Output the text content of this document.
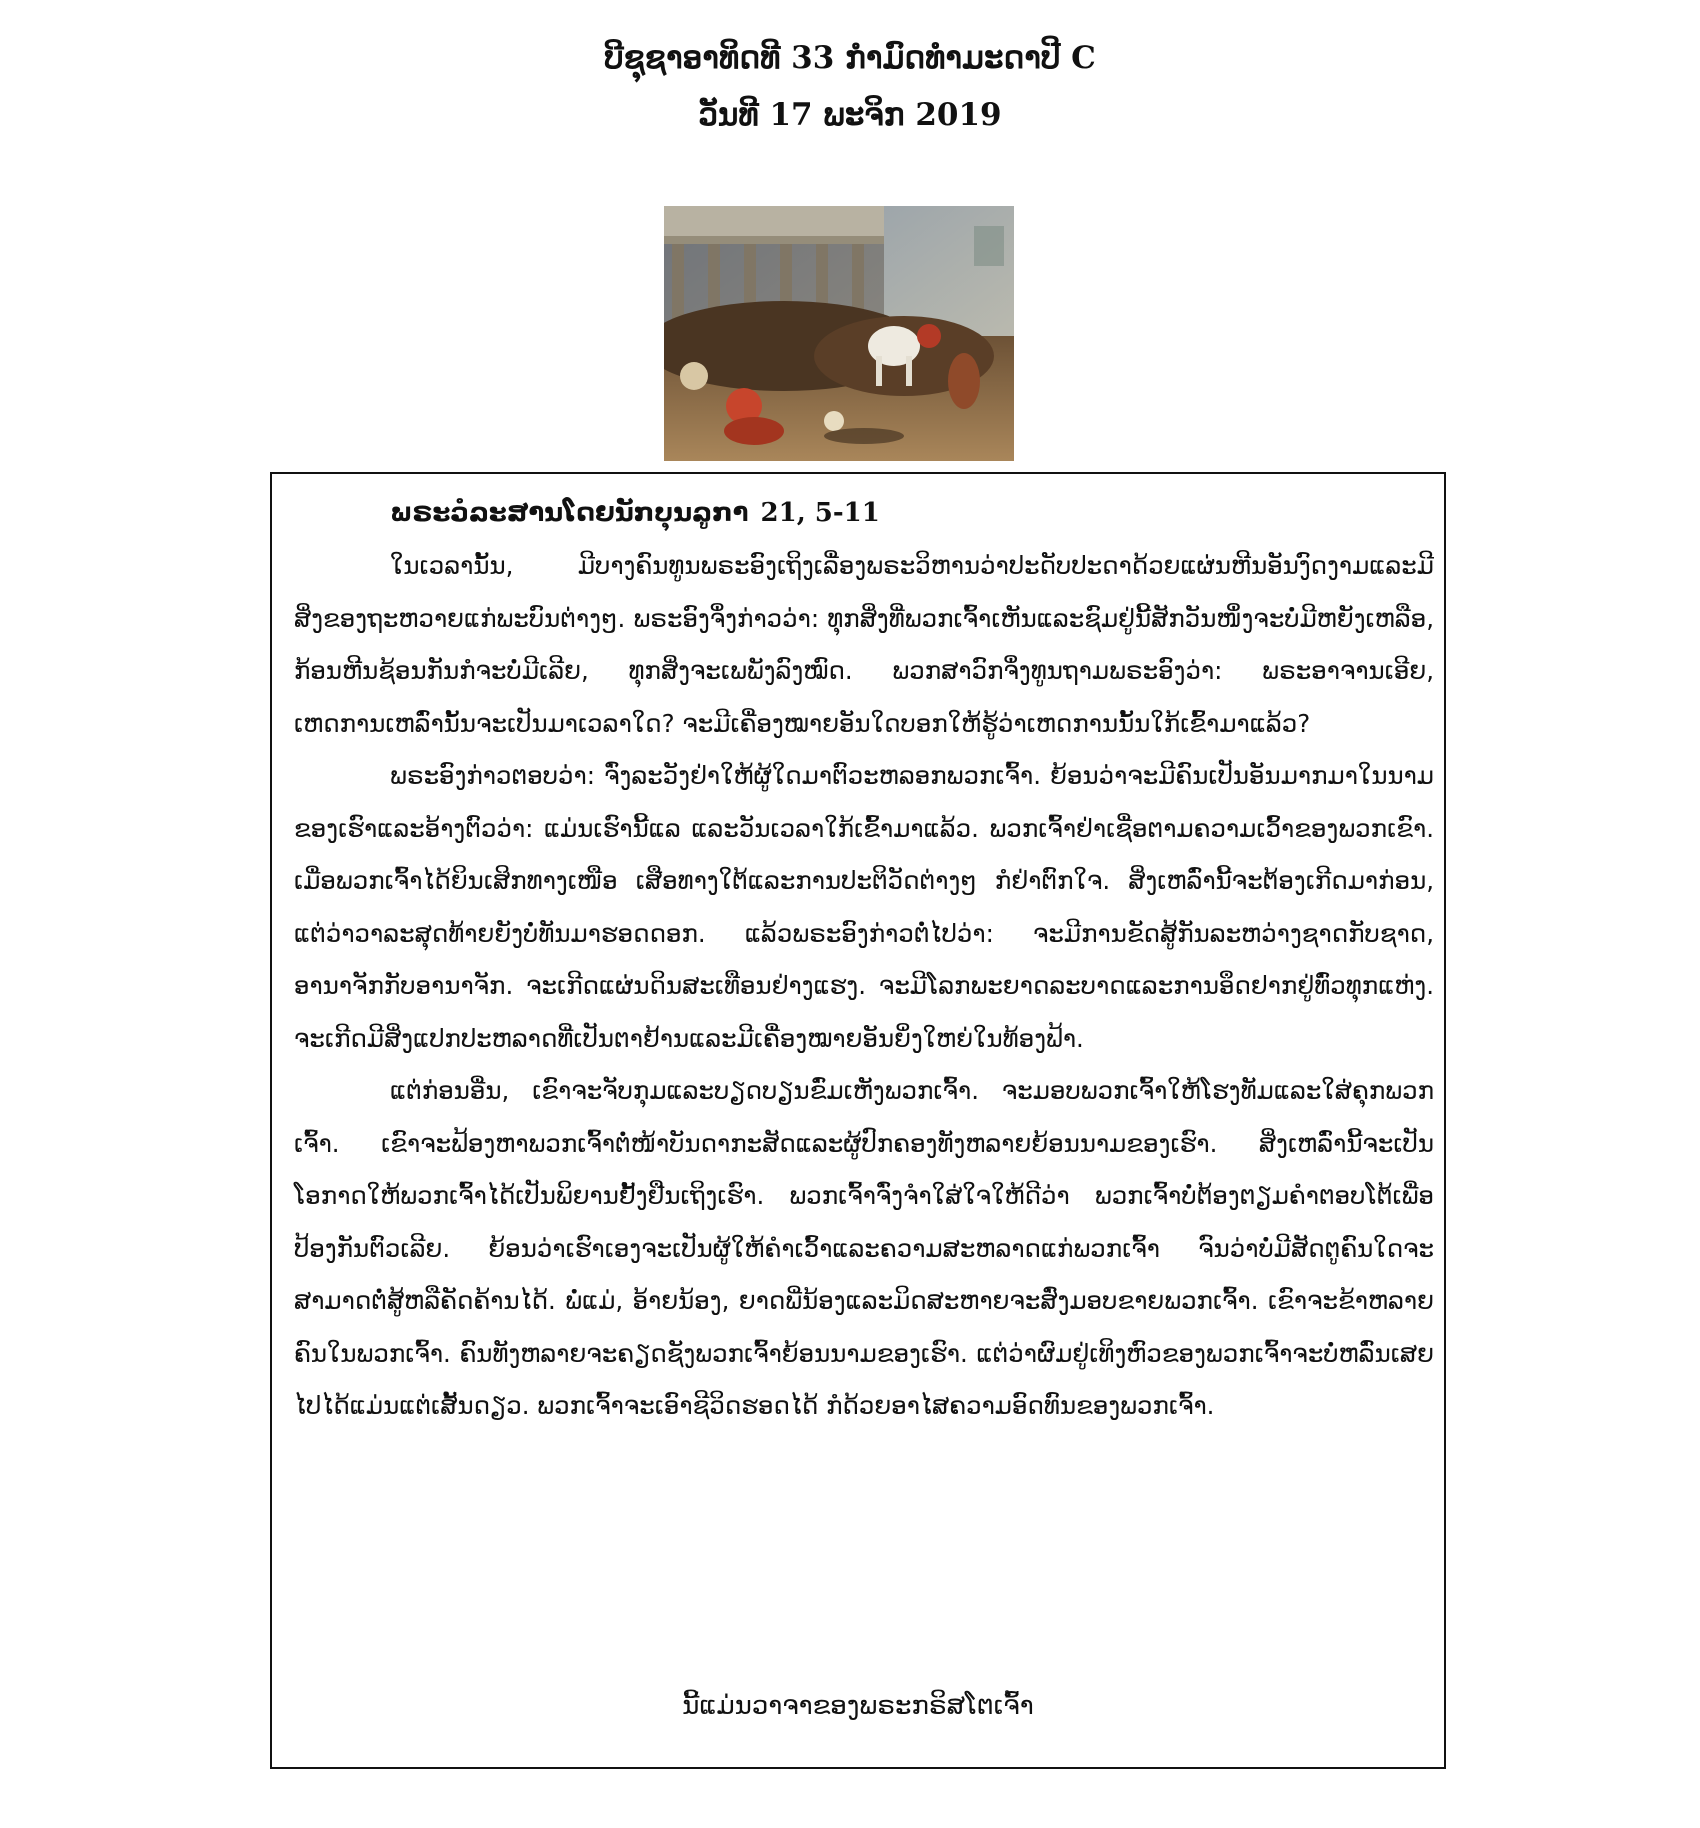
ບີຊຸຊາອາທິດທີ 33 ກຳມົດທຳມະດາປີ C
ວັນທີ 17 ພະຈິກ 2019
ພຣະວໍລະສານໂດຍນັກບຸນລູກາ 21, 5-11

ໃນເວລານັ້ນ, ມີບາງຄົນທູນພຣະອົງເຖິງເລື່ອງພຣະວິຫານວ່າປະດັບປະດາດ້ວຍແຜ່ນຫີນອັນງົດງາມແລະມີສິ່ງຂອງຖະຫວາຍແກ່ພະບົນຕ່າງໆ. ພຣະອົງຈຶ່ງກ່າວວ່າ: ທຸກສິ່ງທີ່ພວກເຈົ້າເຫັນແລະຊົມຢູ່ນີ້ສັກວັນໜຶ່ງຈະບໍ່ມີຫຍັງເຫລືອ, ກ້ອນຫີນຊ້ອນກັນກໍຈະບໍ່ມີເລີຍ, ທຸກສິ່ງຈະເພພັງລົງໝົດ. ພວກສາວົກຈຶ່ງທູນຖາມພຣະອົງວ່າ: ພຣະອາຈານເອີຍ, ເຫດການເຫລົ່ານັ້ນຈະເປັນມາເວລາໃດ? ຈະມີເຄື່ອງໝາຍອັນໃດບອກໃຫ້ຮູ້ວ່າເຫດການນັ້ນໃກ້ເຂົ້າມາແລ້ວ?

ພຣະອົງກ່າວຕອບວ່າ: ຈົ່ງລະວັງຢ່າໃຫ້ຜູ້ໃດມາຕົວະຫລອກພວກເຈົ້າ. ຍ້ອນວ່າຈະມີຄົນເປັນອັນມາກມາໃນນາມຂອງເຮົາແລະອ້າງຕົວວ່າ: ແມ່ນເຮົານີ້ແລ ແລະວັນເວລາໃກ້ເຂົ້າມາແລ້ວ. ພວກເຈົ້າຢ່າເຊື່ອຕາມຄວາມເວົ້າຂອງພວກເຂົາ. ເມື່ອພວກເຈົ້າໄດ້ຍິນເສິກທາງເໜືອ ເສືອທາງໃຕ້ແລະການປະຕິວັດຕ່າງໆ ກໍຢ່າຕົກໃຈ. ສິ່ງເຫລົ່ານີ້ຈະຕ້ອງເກີດມາກ່ອນ, ແຕ່ວ່າວາລະສຸດທ້າຍຍັງບໍ່ທັນມາຮອດດອກ. ແລ້ວພຣະອົງກ່າວຕໍ່ໄປວ່າ: ຈະມີການຂັດສູ້ກັນລະຫວ່າງຊາດກັບຊາດ, ອານາຈັກກັບອານາຈັກ. ຈະເກີດແຜ່ນດິນສະເທືອນຢ່າງແຮງ. ຈະມີໂລກພະຍາດລະບາດແລະການອຶດຢາກຢູ່ທົ່ວທຸກແຫ່ງ. ຈະເກີດມີສິ່ງແປກປະຫລາດທີ່ເປັນຕາຢ້ານແລະມີເຄື່ອງໝາຍອັນຍິ່ງໃຫຍ່ໃນທ້ອງຟ້າ.

ແຕ່ກ່ອນອື່ນ, ເຂົາຈະຈັບກຸມແລະບຽດບຽນຂົ່ມເຫັງພວກເຈົ້າ. ຈະມອບພວກເຈົ້າໃຫ້ໂຮງທັມແລະໃສ່ຄຸກພວກເຈົ້າ. ເຂົາຈະຟ້ອງຫາພວກເຈົ້າຕໍ່ໜ້າບັນດາກະສັດແລະຜູ້ປົກຄອງທັງຫລາຍຍ້ອນນາມຂອງເຮົາ. ສິ່ງເຫລົ່ານີ້ຈະເປັນໂອກາດໃຫ້ພວກເຈົ້າໄດ້ເປັນພິຍານຢັ້ງຢືນເຖິງເຮົາ. ພວກເຈົ້າຈົ່ງຈຳໃສ່ໃຈໃຫ້ດີວ່າ ພວກເຈົ້າບໍ່ຕ້ອງຕຽມຄຳຕອບໂຕ້ເພື່ອປ້ອງກັນຕົວເລີຍ. ຍ້ອນວ່າເຮົາເອງຈະເປັນຜູ້ໃຫ້ຄຳເວົ້າແລະຄວາມສະຫລາດແກ່ພວກເຈົ້າ ຈົນວ່າບໍ່ມີສັດຕູຄົນໃດຈະສາມາດຕໍ່ສູ້ຫລືຄັດຄ້ານໄດ້. ພໍ່ແມ່, ອ້າຍນ້ອງ, ຍາດພີ່ນ້ອງແລະມິດສະຫາຍຈະສົ່ງມອບຂາຍພວກເຈົ້າ. ເຂົາຈະຂ້າຫລາຍຄົນໃນພວກເຈົ້າ. ຄົນທັງຫລາຍຈະຄຽດຊັງພວກເຈົ້າຍ້ອນນາມຂອງເຮົາ. ແຕ່ວ່າຜົມຢູ່ເທິງຫົວຂອງພວກເຈົ້າຈະບໍ່ຫລົ່ນເສຍໄປໄດ້ແມ່ນແຕ່ເສັ້ນດຽວ. ພວກເຈົ້າຈະເອົາຊີວິດຮອດໄດ້ ກໍດ້ວຍອາໄສຄວາມອົດທົນຂອງພວກເຈົ້າ.

ນີ້ແມ່ນວາຈາຂອງພຣະກຣິສໂຕເຈົ້າ
